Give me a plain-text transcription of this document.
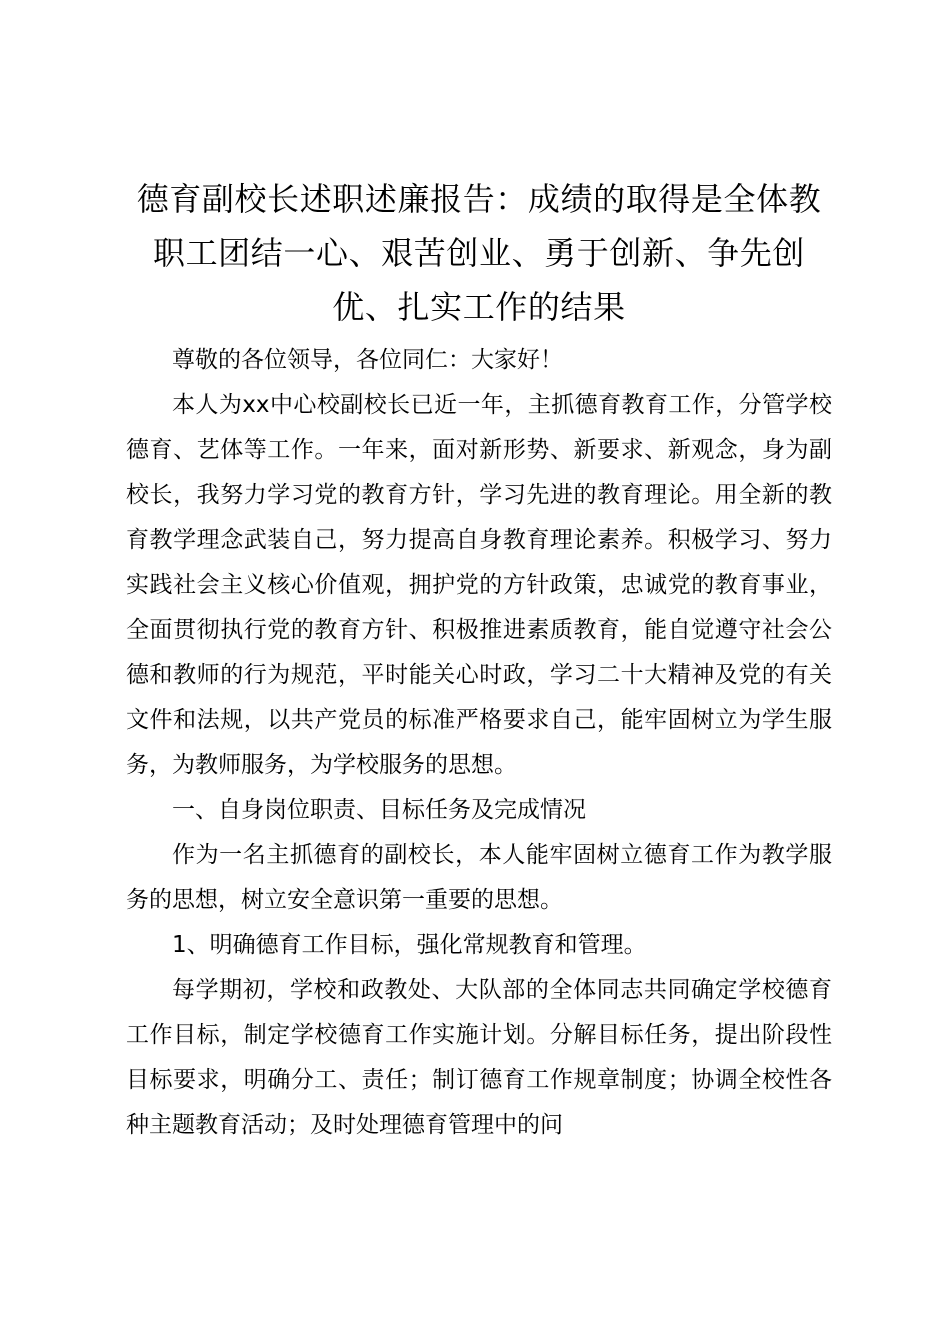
德育副校长述职述廉报告：成绩的取得是全体教职工团结一心、艰苦创业、勇于创新、争先创优、扎实工作的结果

尊敬的各位领导，各位同仁：大家好！

本人为xx中心校副校长已近一年，主抓德育教育工作，分管学校德育、艺体等工作。一年来，面对新形势、新要求、新观念，身为副校长，我努力学习党的教育方针，学习先进的教育理论。用全新的教育教学理念武装自己，努力提高自身教育理论素养。积极学习、努力实践社会主义核心价值观，拥护党的方针政策，忠诚党的教育事业，全面贯彻执行党的教育方针、积极推进素质教育，能自觉遵守社会公德和教师的行为规范，平时能关心时政，学习二十大精神及党的有关文件和法规，以共产党员的标准严格要求自己，能牢固树立为学生服务，为教师服务，为学校服务的思想。

一、自身岗位职责、目标任务及完成情况

作为一名主抓德育的副校长，本人能牢固树立德育工作为教学服务的思想，树立安全意识第一重要的思想。

1、明确德育工作目标，强化常规教育和管理。

每学期初，学校和政教处、大队部的全体同志共同确定学校德育工作目标，制定学校德育工作实施计划。分解目标任务，提出阶段性目标要求，明确分工、责任；制订德育工作规章制度；协调全校性各种主题教育活动；及时处理德育管理中的问
